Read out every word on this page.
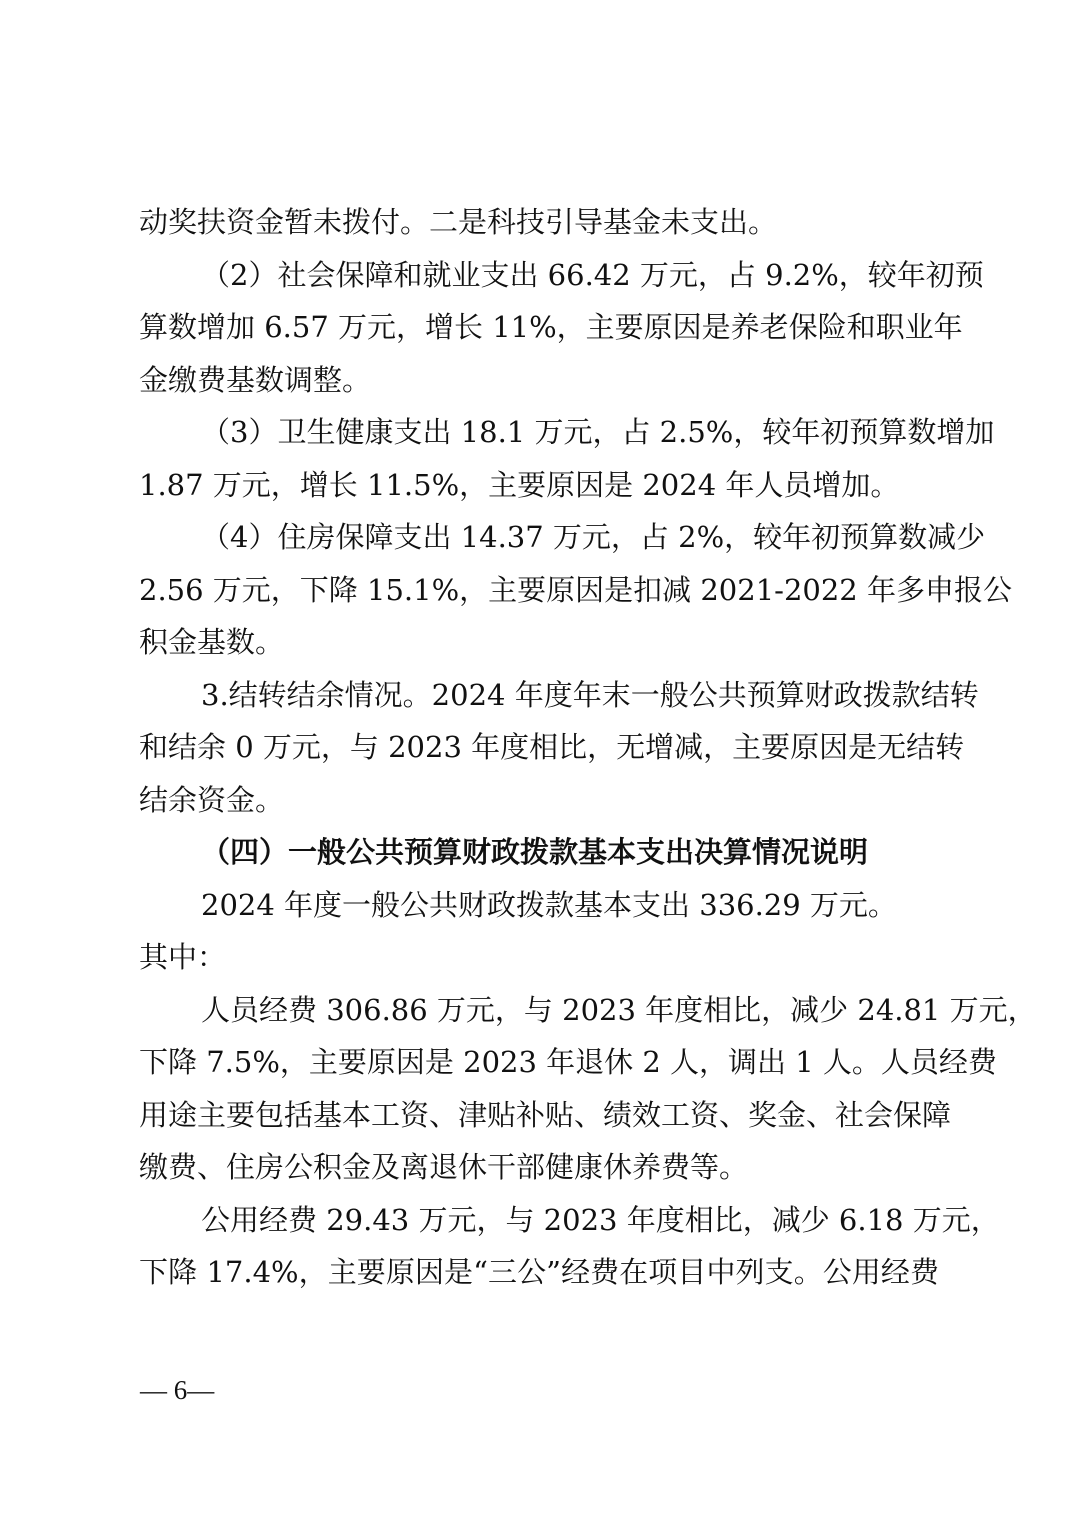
动奖扶资金暂未拨付。二是科技引导基金未支出。
（2）社会保障和就业支出 66.42 万元，占 9.2%，较年初预
算数增加 6.57 万元，增长 11%，主要原因是养老保险和职业年
金缴费基数调整。
（3）卫生健康支出 18.1 万元，占 2.5%，较年初预算数增加
1.87 万元，增长 11.5%，主要原因是 2024 年人员增加。
（4）住房保障支出 14.37 万元，占 2%，较年初预算数减少
2.56 万元，下降 15.1%，主要原因是扣减 2021-2022 年多申报公
积金基数。
3.结转结余情况。2024 年度年末一般公共预算财政拨款结转
和结余 0 万元，与 2023 年度相比，无增减，主要原因是无结转
结余资金。
（四）一般公共预算财政拨款基本支出决算情况说明
2024 年度一般公共财政拨款基本支出 336.29 万元。
其中：
人员经费 306.86 万元，与 2023 年度相比，减少 24.81 万元，
下降 7.5%，主要原因是 2023 年退休 2 人，调出 1 人。人员经费
用途主要包括基本工资、津贴补贴、绩效工资、奖金、社会保障
缴费、住房公积金及离退休干部健康休养费等。
公用经费 29.43 万元，与 2023 年度相比，减少 6.18 万元，
下降 17.4%，主要原因是“三公”经费在项目中列支。公用经费
— 6—
